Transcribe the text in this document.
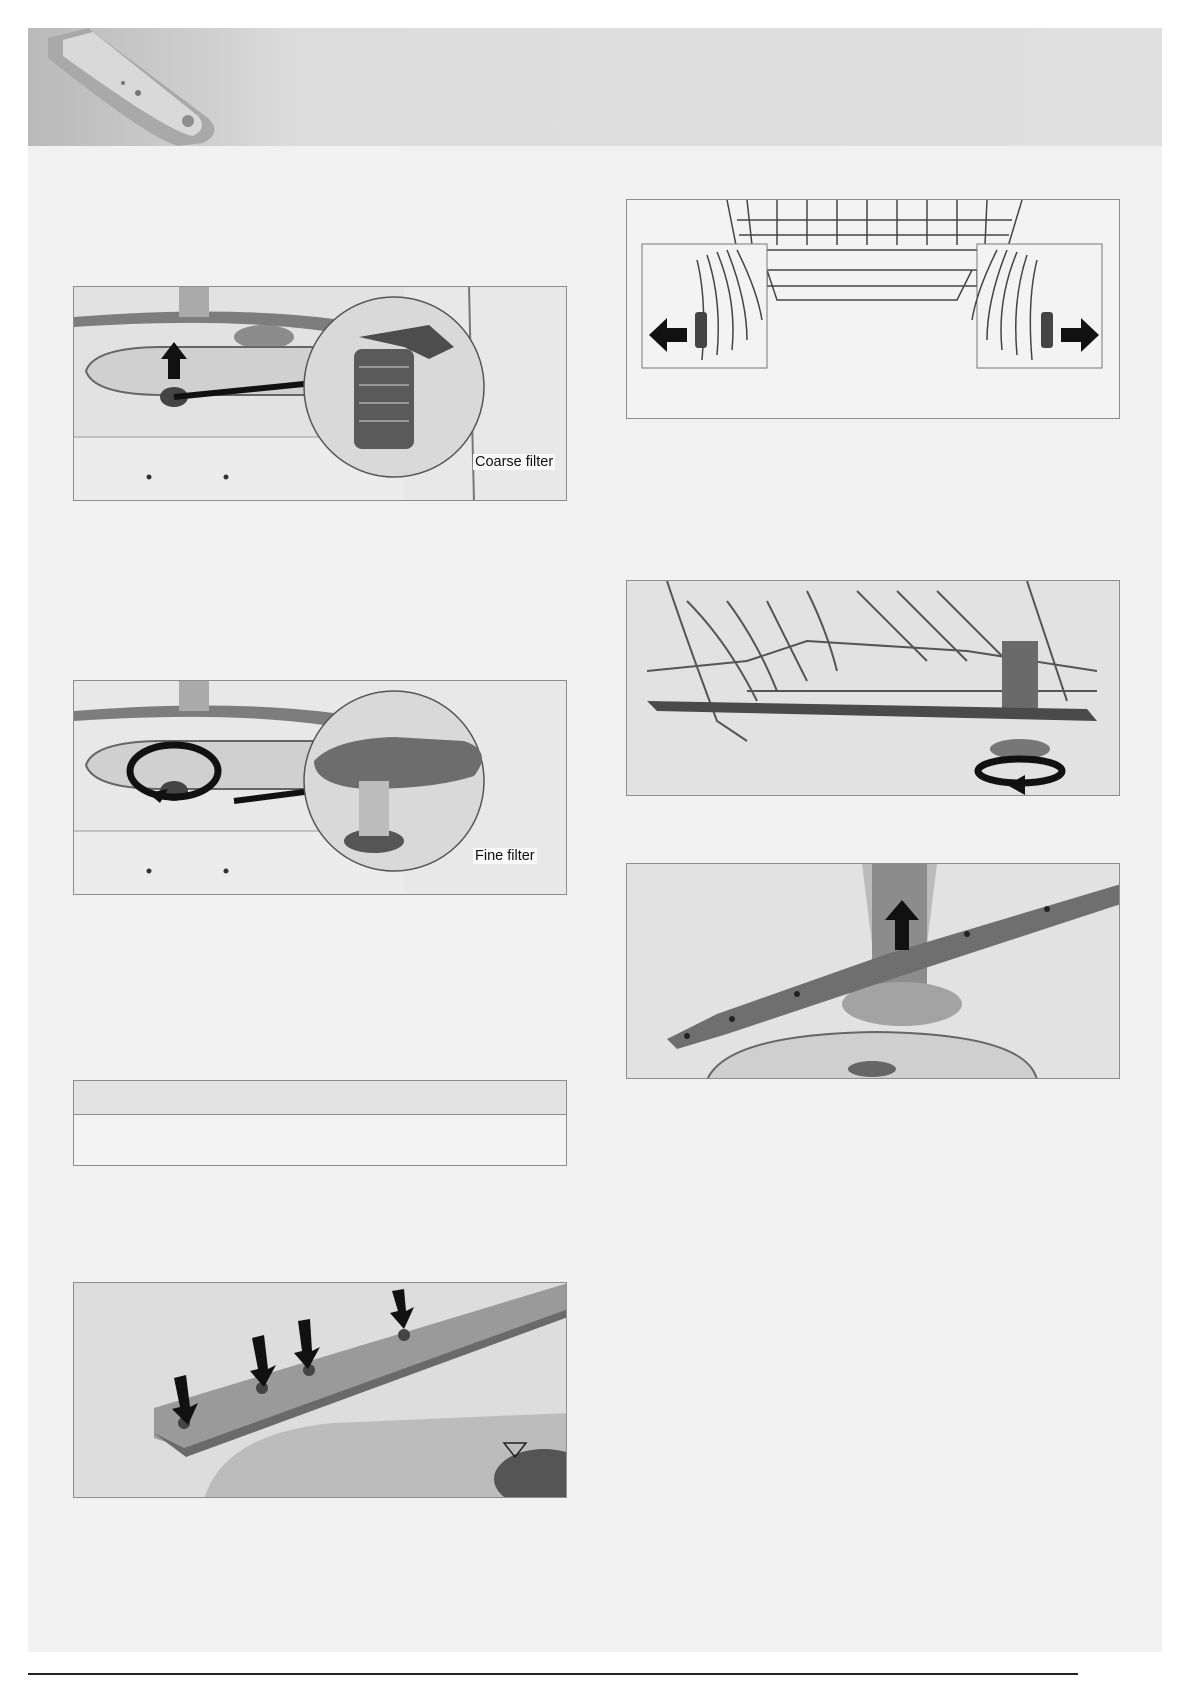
Coarse filter
Fine filter
